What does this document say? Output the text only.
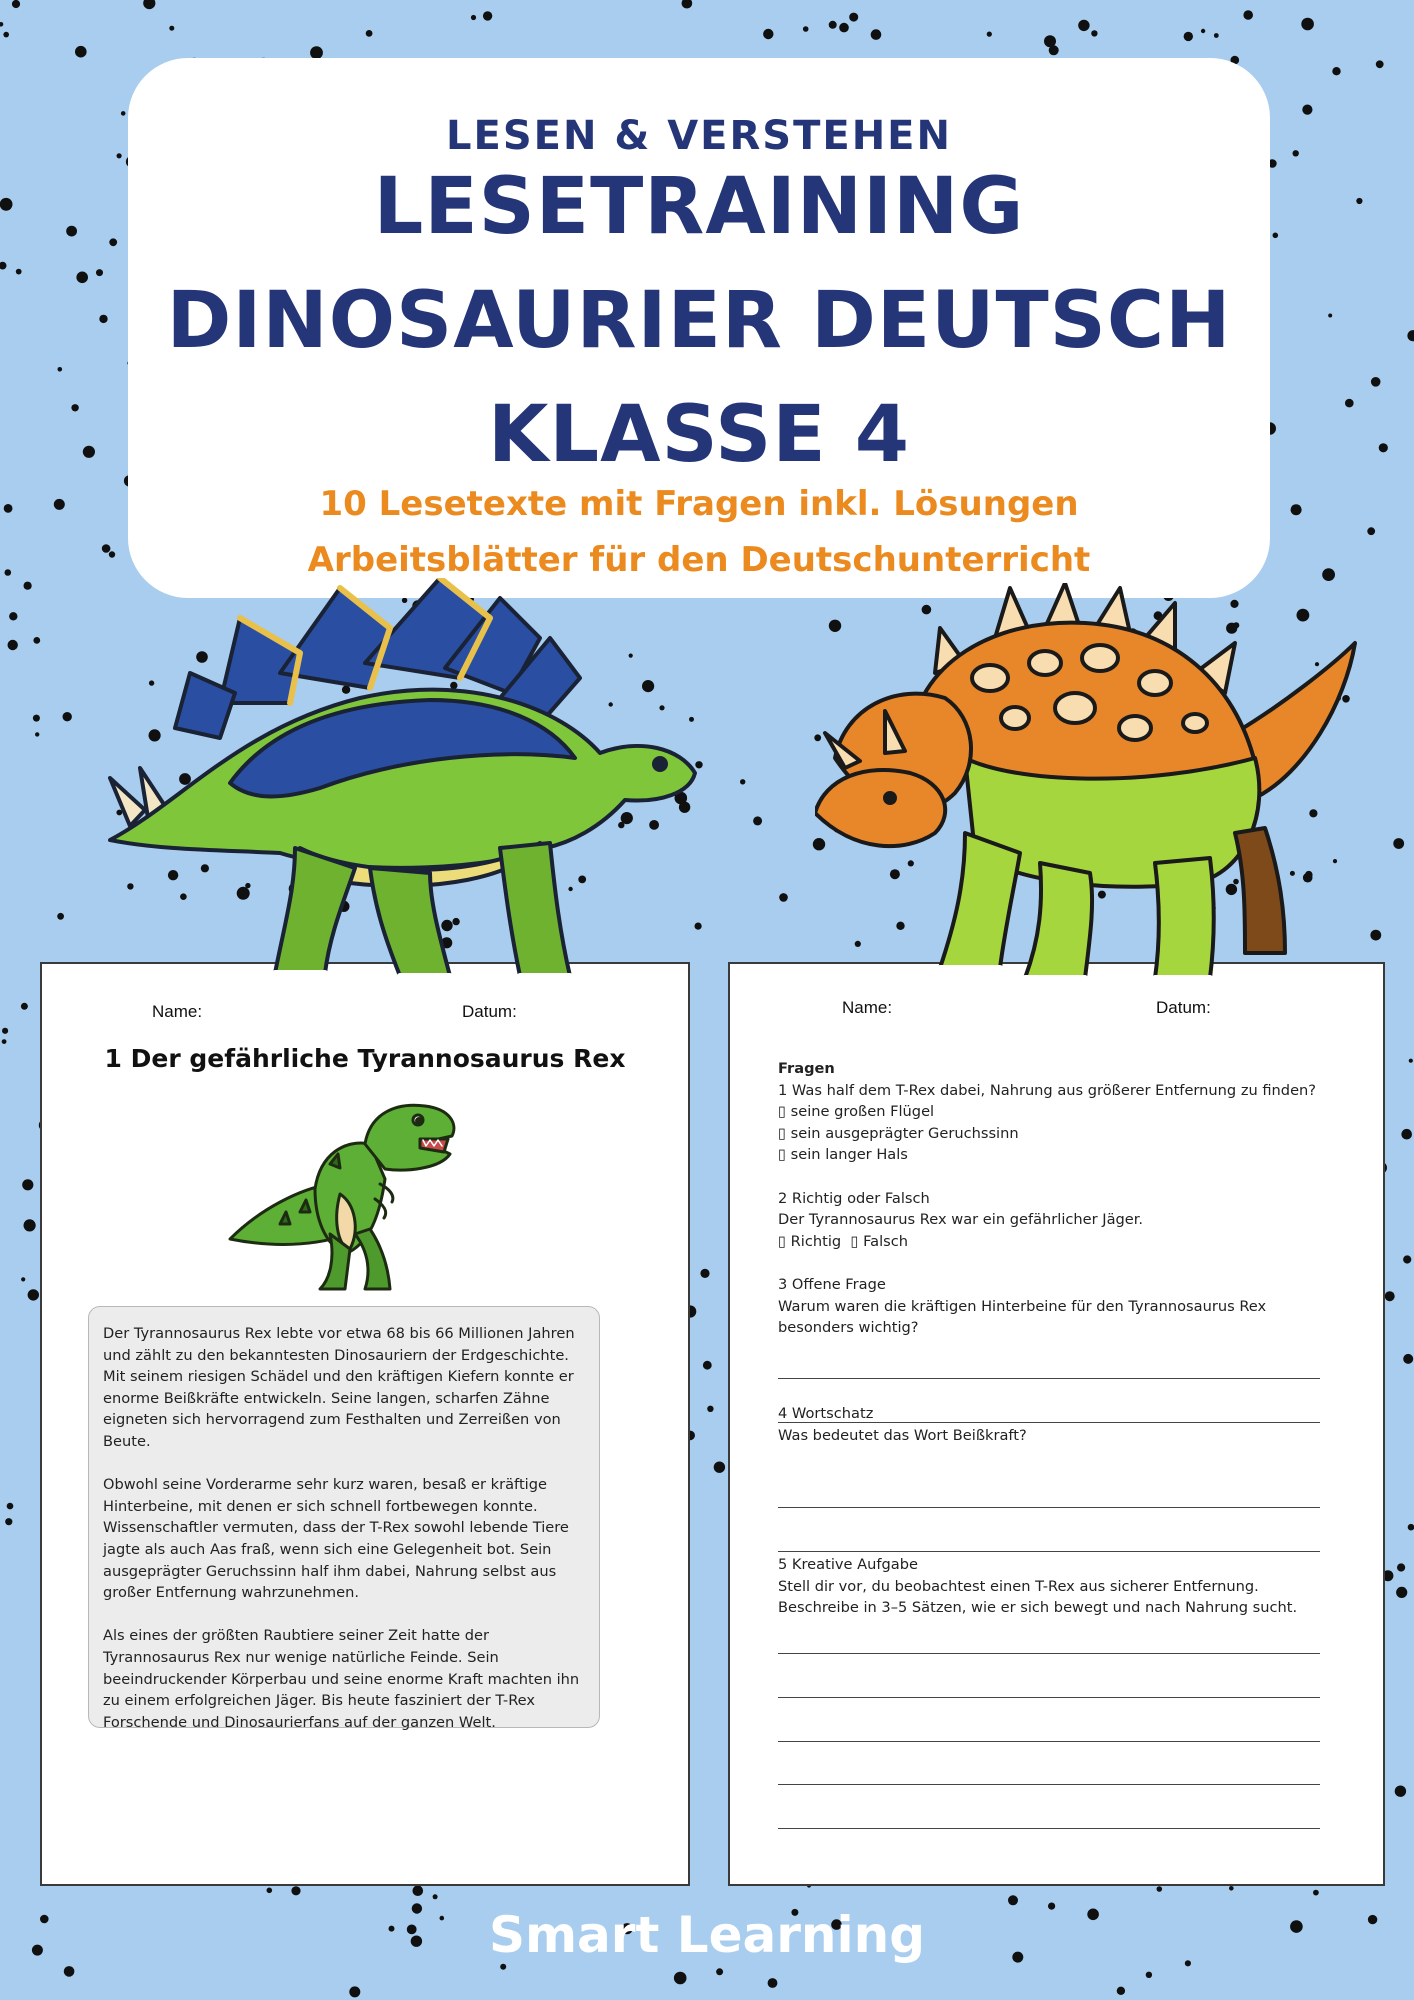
LESEN & VERSTEHEN
LESETRAINING
DINOSAURIER DEUTSCH
KLASSE 4
10 Lesetexte mit Fragen inkl. Lösungen
Arbeitsblätter für den Deutschunterricht
Name:	Datum:
1 Der gefährliche Tyrannosaurus Rex

Der Tyrannosaurus Rex lebte vor etwa 68 bis 66 Millionen Jahren und zählt zu den bekanntesten Dinosauriern der Erdgeschichte. Mit seinem riesigen Schädel und den kräftigen Kiefern konnte er enorme Beißkräfte entwickeln. Seine langen, scharfen Zähne eigneten sich hervorragend zum Festhalten und Zerreißen von Beute.

Obwohl seine Vorderarme sehr kurz waren, besaß er kräftige Hinterbeine, mit denen er sich schnell fortbewegen konnte. Wissenschaftler vermuten, dass der T-Rex sowohl lebende Tiere jagte als auch Aas fraß, wenn sich eine Gelegenheit bot. Sein ausgeprägter Geruchssinn half ihm dabei, Nahrung selbst aus großer Entfernung wahrzunehmen.

Als eines der größten Raubtiere seiner Zeit hatte der Tyrannosaurus Rex nur wenige natürliche Feinde. Sein beeindruckender Körperbau und seine enorme Kraft machten ihn zu einem erfolgreichen Jäger. Bis heute fasziniert der T-Rex Forschende und Dinosaurierfans auf der ganzen Welt.

Name:	Datum:
Fragen
1 Was half dem T-Rex dabei, Nahrung aus größerer Entfernung zu finden?
▯ seine großen Flügel
▯ sein ausgeprägter Geruchssinn
▯ sein langer Hals
2 Richtig oder Falsch
Der Tyrannosaurus Rex war ein gefährlicher Jäger.
▯ Richtig  ▯ Falsch
3 Offene Frage
Warum waren die kräftigen Hinterbeine für den Tyrannosaurus Rex besonders wichtig?
4 Wortschatz
Was bedeutet das Wort Beißkraft?
5 Kreative Aufgabe
Stell dir vor, du beobachtest einen T-Rex aus sicherer Entfernung.
Beschreibe in 3–5 Sätzen, wie er sich bewegt und nach Nahrung sucht.
Smart Learning
